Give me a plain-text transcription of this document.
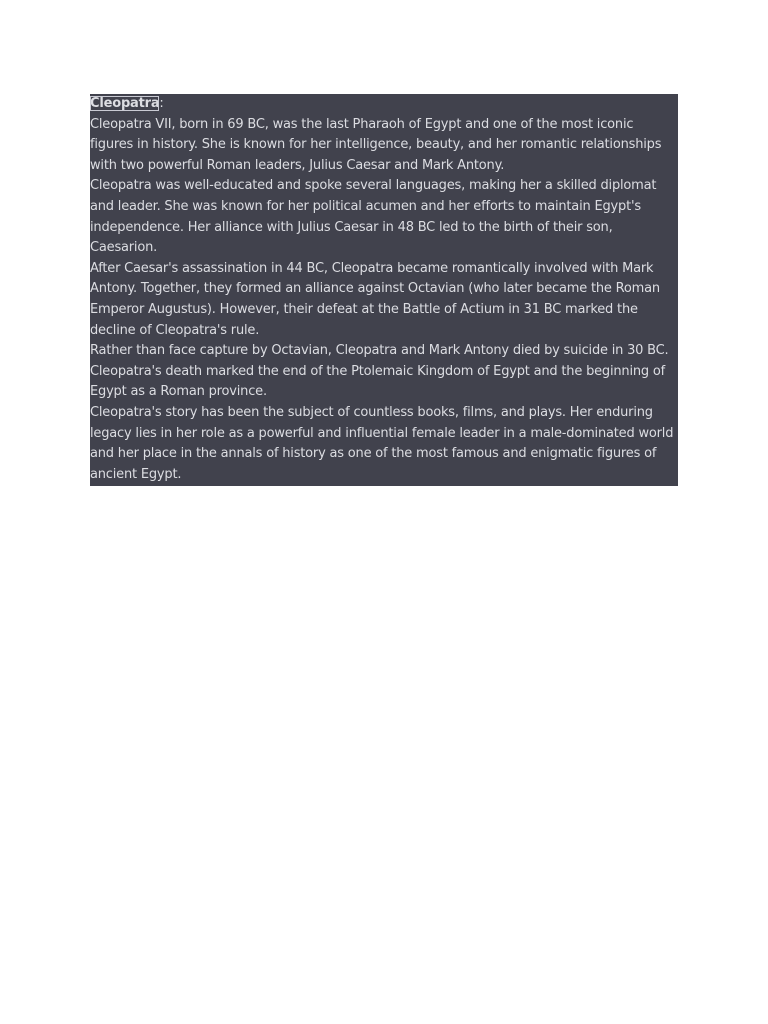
Cleopatra:

Cleopatra VII, born in 69 BC, was the last Pharaoh of Egypt and one of the most iconic figures in history. She is known for her intelligence, beauty, and her romantic relationships with two powerful Roman leaders, Julius Caesar and Mark Antony.

Cleopatra was well-educated and spoke several languages, making her a skilled diplomat and leader. She was known for her political acumen and her efforts to maintain Egypt's independence. Her alliance with Julius Caesar in 48 BC led to the birth of their son, Caesarion.

After Caesar's assassination in 44 BC, Cleopatra became romantically involved with Mark Antony. Together, they formed an alliance against Octavian (who later became the Roman Emperor Augustus). However, their defeat at the Battle of Actium in 31 BC marked the decline of Cleopatra's rule.

Rather than face capture by Octavian, Cleopatra and Mark Antony died by suicide in 30 BC. Cleopatra's death marked the end of the Ptolemaic Kingdom of Egypt and the beginning of Egypt as a Roman province.

Cleopatra's story has been the subject of countless books, films, and plays. Her enduring legacy lies in her role as a powerful and influential female leader in a male-dominated world and her place in the annals of history as one of the most famous and enigmatic figures of ancient Egypt.
